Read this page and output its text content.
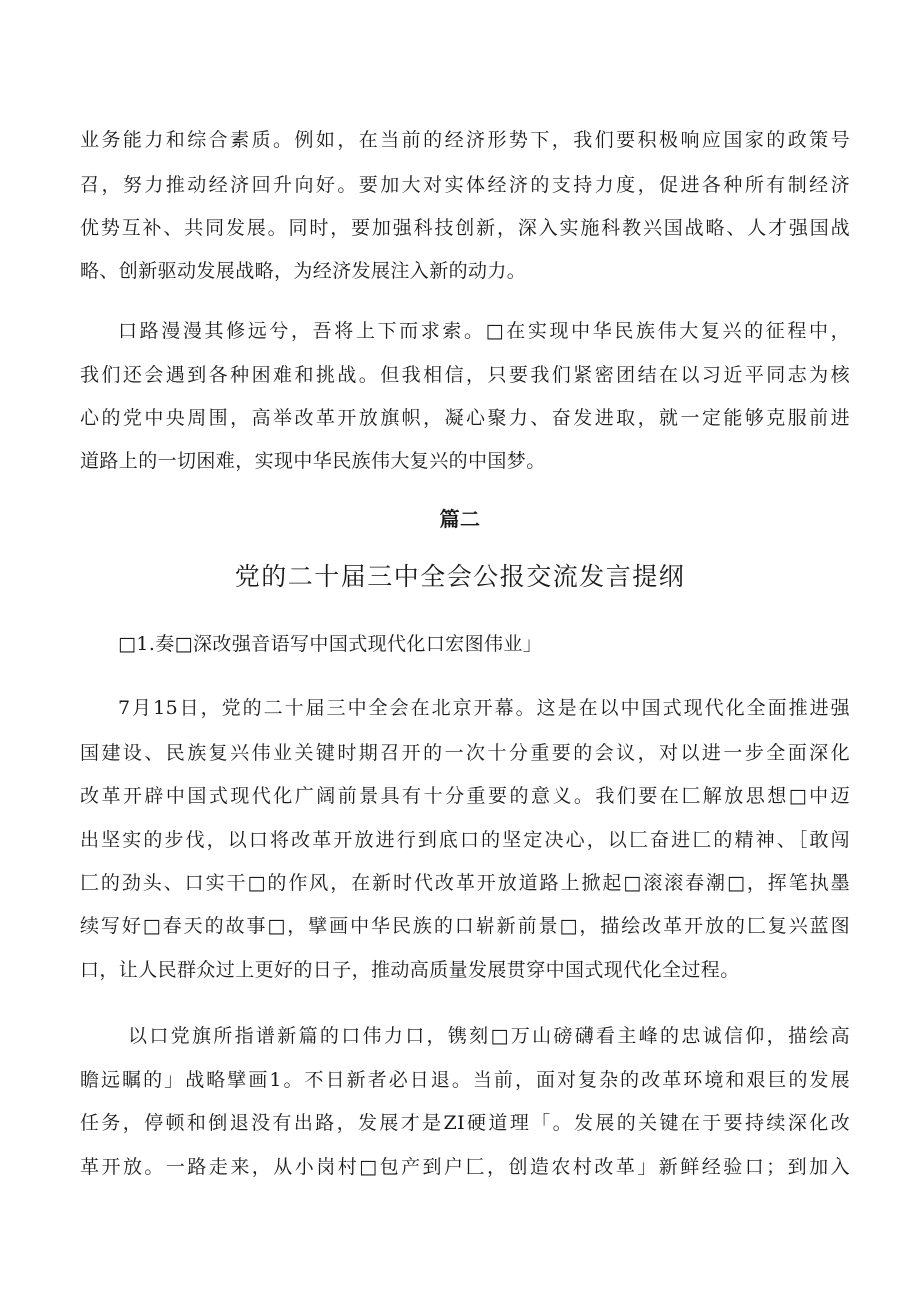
业务能力和综合素质。例如，在当前的经济形势下，我们要积极响应国家的政策号
召，努力推动经济回升向好。要加大对实体经济的支持力度，促进各种所有制经济
优势互补、共同发展。同时，要加强科技创新，深入实施科教兴国战略、人才强国战
略、创新驱动发展战略，为经济发展注入新的动力。
口路漫漫其修远兮，吾将上下而求索。□在实现中华民族伟大复兴的征程中，
我们还会遇到各种困难和挑战。但我相信，只要我们紧密团结在以习近平同志为核
心的党中央周围，高举改革开放旗帜，凝心聚力、奋发进取，就一定能够克服前进
道路上的一切困难，实现中华民族伟大复兴的中国梦。
篇二
党的二十届三中全会公报交流发言提纲
□1.奏□深改强音语写中国式现代化口宏图伟业」
7月15日，党的二十届三中全会在北京开幕。这是在以中国式现代化全面推进强
国建设、民族复兴伟业关键时期召开的一次十分重要的会议，对以进一步全面深化
改革开辟中国式现代化广阔前景具有十分重要的意义。我们要在匚解放思想□中迈
出坚实的步伐，以口将改革开放进行到底口的坚定决心，以匚奋进匚的精神、［敢闯
匚的劲头、口实干□的作风，在新时代改革开放道路上掀起□滚滚春潮□，挥笔执墨
续写好□春天的故事□，擘画中华民族的口崭新前景□，描绘改革开放的匚复兴蓝图
口，让人民群众过上更好的日子，推动高质量发展贯穿中国式现代化全过程。
以口党旗所指谱新篇的口伟力口，镌刻□万山磅礴看主峰的忠诚信仰，描绘高
瞻远瞩的」战略擘画1。不日新者必日退。当前，面对复杂的改革环境和艰巨的发展
任务，停顿和倒退没有出路，发展才是ZI硬道理「。发展的关键在于要持续深化改
革开放。一路走来，从小岗村□包产到户匚，创造农村改革」新鲜经验口；到加入
